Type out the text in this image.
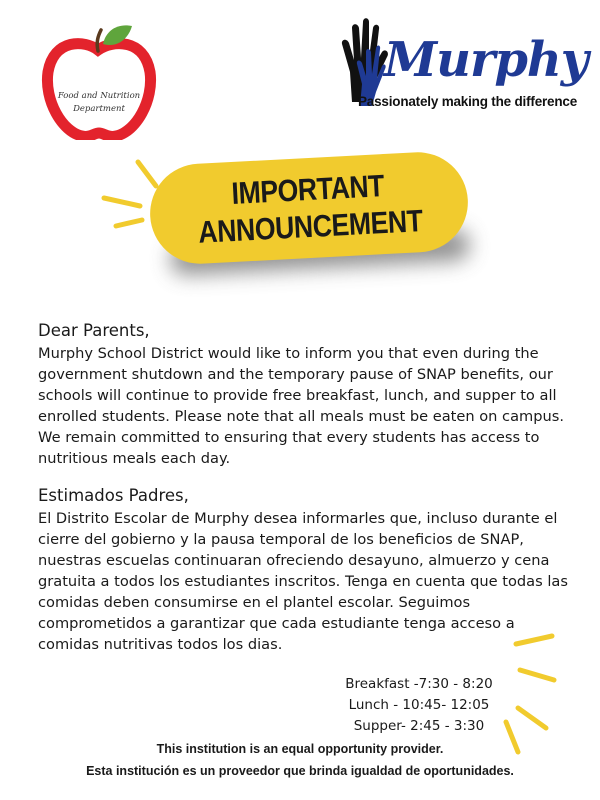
Food and Nutrition
Department
Murphy
Passionately making the difference
IMPORTANT
ANNOUNCEMENT

Dear Parents,

Murphy School District would like to inform you that even during the government shutdown and the temporary pause of SNAP benefits, our schools will continue to provide free breakfast, lunch, and supper to all enrolled students. Please note that all meals must be eaten on campus. We remain committed to ensuring that every students has access to nutritious meals each day.

Estimados Padres,

El Distrito Escolar de Murphy desea informarles que, incluso durante el cierre del gobierno y la pausa temporal de los beneficios de SNAP, nuestras escuelas continuaran ofreciendo desayuno, almuerzo y cena gratuita a todos los estudiantes inscritos. Tenga en cuenta que todas las comidas deben consumirse en el plantel escolar. Seguimos comprometidos a garantizar que cada estudiante tenga acceso a comidas nutritivas todos los dias.

Breakfast -7:30 - 8:20
Lunch - 10:45- 12:05
Supper- 2:45 - 3:30
This institution is an equal opportunity provider.
Esta institución es un proveedor que brinda igualdad de oportunidades.
